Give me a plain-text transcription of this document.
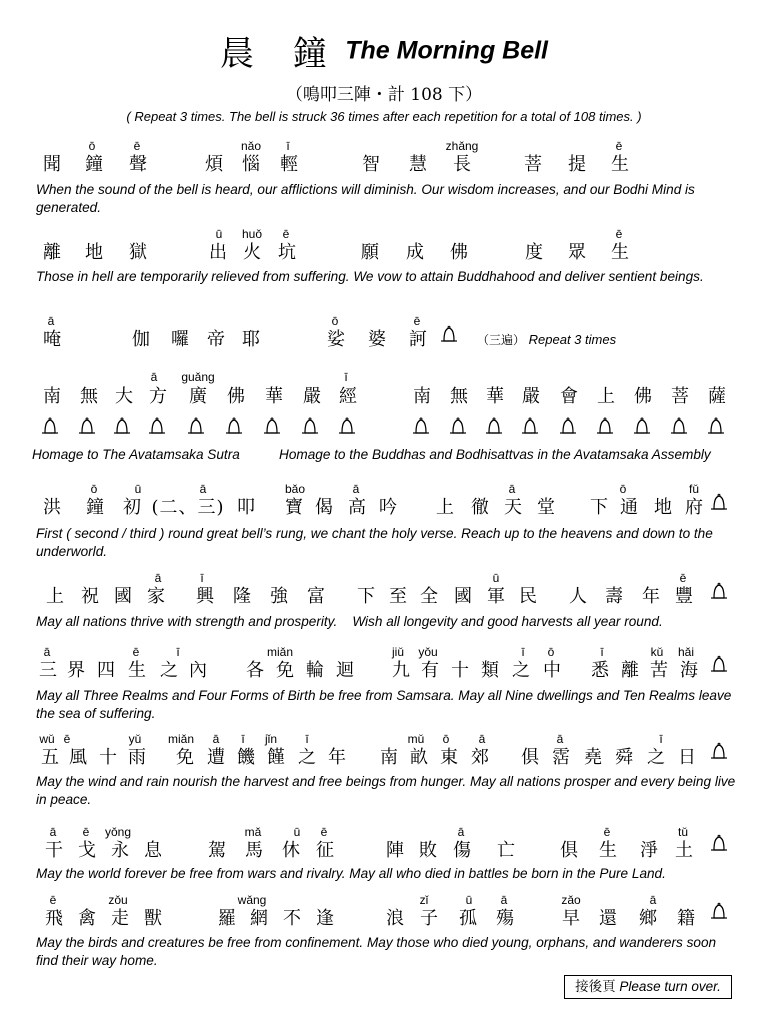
晨 鐘 The Morning Bell
（鳴叩三陣・計 108 下）
( Repeat 3 times. The bell is struck 36 times after each repetition for a total of 108 times. )
ō	ē	nǎo	ī	zhǎng	ē
聞 鐘 聲	煩 惱 輕	智 慧 長	菩 提 生
When the sound of the bell is heard, our afflictions will diminish. Our wisdom increases, and our Bodhi Mind is generated.
ū	huǒ	ē	ē
離 地 獄	出 火 坑	願 成 佛	度 眾 生
Those in hell are temporarily relieved from suffering. We vow to attain Buddhahood and deliver sentient beings.
ā	ō	ē
唵	伽 囉 帝 耶	娑 婆 訶	（三遍） Repeat 3 times
ā	guǎng	ī
南 無 大 方 廣 佛 華 嚴 經	南 無 華 嚴 會 上 佛 菩 薩
Homage to The Avatamsaka Sutra	Homage to the Buddhas and Bodhisattvas in the Avatamsaka Assembly
ō	ū	ā	bǎo	ā	ā	ō	fǔ
洪 鐘 初 (二、三) 叩 寶 偈 高 吟 上 徹 天 堂 下 通 地 府
First ( second / third ) round great bell’s rung, we chant the holy verse. Reach up to the heavens and down to the underworld.
ā	ī	ū	ē
上 祝 國 家 興 隆 強 富 下 至 全 國 軍 民 人 壽 年 豐
May all nations thrive with strength and prosperity.    Wish all longevity and good harvests all year round.
ā	ē	ī	miǎn	jiǔ	yǒu	ī	ō	ī	kǔ	hǎi
三 界 四 生 之 內 各 免 輪 迴 九 有 十 類 之 中 悉 離 苦 海
May all Three Realms and Four Forms of Birth be free from Samsara. May all Nine dwellings and Ten Realms leave the sea of suffering.
wǔ ē	yǔ	miǎn	ā	ī	jǐn	ī	mǔ	ō	ā	ā	ī
五 風 十 雨 免 遭 饑 饉 之 年 南 畝 東 郊 俱 霑 堯 舜 之 日
May the wind and rain nourish the harvest and free beings from hunger. May all nations prosper and every being live in peace.
ā	ē	yǒng	mǎ	ū	ē	ā	ē	tǔ
干 戈 永 息	駕 馬 休 征	陣 敗 傷 亡	俱 生 淨 土
May the world forever be free from wars and rivalry. May all who died in battles be born in the Pure Land.
ē	zǒu	wǎng	zǐ	ū	ā	zǎo	ā
飛 禽 走 獸	羅 網 不 逢	浪 子 孤 殤	早 還 鄉 籍
May the birds and creatures be free from confinement. May those who died young, orphans, and wanderers soon find their way home.
接後頁 Please turn over.
